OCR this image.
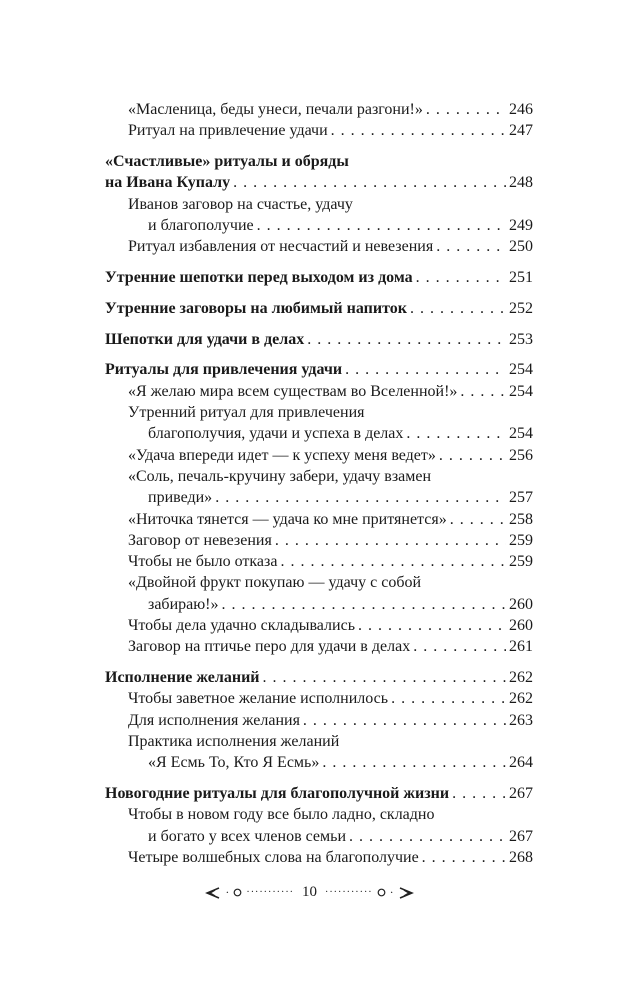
«Масленица, беды унеси, печали разгони!» . . .	246
Ритуал на привлечение удачи . . .	247
«Счастливые» ритуалы и обряды
на Ивана Купалу . . .	248
Иванов заговор на счастье, удачу
и благополучие . . .	249
Ритуал избавления от несчастий и невезения . . .	250
Утренние шепотки перед выходом из дома . . .	251
Утренние заговоры на любимый напиток . . .	252
Шепотки для удачи в делах . . .	253
Ритуалы для привлечения удачи . . .	254
«Я желаю мира всем существам во Вселенной!» . . .	254
Утренний ритуал для привлечения
благополучия, удачи и успеха в делах . . .	254
«Удача впереди идет — к успеху меня ведет» . . .	256
«Соль, печаль-кручину забери, удачу взамен
приведи» . . .	257
«Ниточка тянется — удача ко мне притянется» . . .	258
Заговор от невезения . . .	259
Чтобы не было отказа . . .	259
«Двойной фрукт покупаю — удачу с собой
забираю!» . . .	260
Чтобы дела удачно складывались . . .	260
Заговор на птичье перо для удачи в делах . . .	261
Исполнение желаний . . .	262
Чтобы заветное желание исполнилось . . .	262
Для исполнения желания . . .	263
Практика исполнения желаний
«Я Есмь То, Кто Я Есмь» . . .	264
Новогодние ритуалы для благополучной жизни . . .	267
Чтобы в новом году все было ладно, складно
и богато у всех членов семьи . . .	267
Четыре волшебных слова на благополучие . . .	268
· ··········· 10 ··········· ·
